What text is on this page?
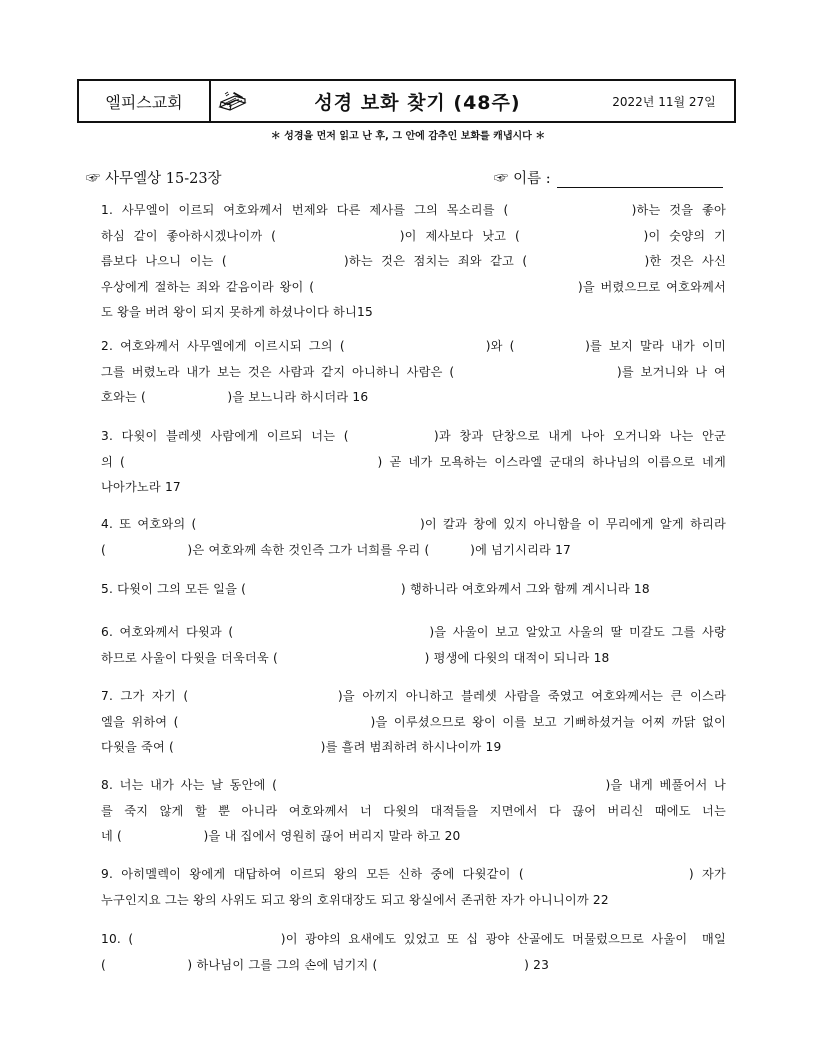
엘피스교회	성경 보화 찾기 (48주)	2022년 11월 27일
＊ 성경을 먼저 읽고 난 후, 그 안에 감추인 보화를 캐냅시다 ＊
☞ 사무엘상 15-23장	☞ 이름 :
1. 사무엘이 이르되 여호와께서 번제와 다른 제사를 그의 목소리를 (              )하는 것을 좋아
하심 같이 좋아하시겠나이까 (              )이 제사보다 낫고 (              )이 숫양의 기
름보다 나으니 이는 (              )하는 것은 점치는 죄와 같고 (              )한 것은 사신
우상에게 절하는 죄와 같음이라 왕이 (                                              )을 버렸으므로 여호와께서
도 왕을 버려 왕이 되지 못하게 하셨나이다 하니15
2. 여호와께서 사무엘에게 이르시되 그의 (                    )와 (          )를 보지 말라 내가 이미
그를 버렸노라 내가 보는 것은 사람과 같지 아니하니 사람은 (                        )를 보거니와 나 여
호와는 (                    )을 보느니라 하시더라 16
3. 다윗이 블레셋 사람에게 이르되 너는 (          )과 창과 단창으로 내게 나아 오거니와 나는 안군
의 (                                    ) 곧 네가 모욕하는 이스라엘 군대의 하나님의 이름으로 네게
나아가노라 17
4. 또 여호와의 (                                    )이 칼과 창에 있지 아니함을 이 무리에게 알게 하리라
(                    )은 여호와께 속한 것인즉 그가 너희를 우리 (          )에 넘기시리라 17
5. 다윗이 그의 모든 일을 (                                      ) 행하니라 여호와께서 그와 함께 계시니라 18
6. 여호와께서 다윗과 (                              )을 사울이 보고 알았고 사울의 딸 미갈도 그를 사랑
하므로 사울이 다윗을 더욱더욱 (                                    ) 평생에 다윗의 대적이 되니라 18
7. 그가 자기 (                    )을 아끼지 아니하고 블레셋 사람을 죽였고 여호와께서는 큰 이스라
엘을 위하여 (                              )을 이루셨으므로 왕이 이를 보고 기뻐하셨거늘 어찌 까닭 없이
다윗을 죽여 (                                    )를 흘려 범죄하려 하시나이까 19
8. 너는 내가 사는 날 동안에 (                                                  )을 내게 베풀어서 나
를 죽지 않게 할 뿐 아니라 여호와께서 너 다윗의 대적들을 지면에서 다 끊어 버리신 때에도 너는
네 (                    )을 내 집에서 영원히 끊어 버리지 말라 하고 20
9. 아히멜렉이 왕에게 대답하여 이르되 왕의 모든 신하 중에 다윗같이 (                    ) 자가
누구인지요 그는 왕의 사위도 되고 왕의 호위대장도 되고 왕실에서 존귀한 자가 아니니이까 22
10. (                    )이 광야의 요새에도 있었고 또 십 광야 산골에도 머물렀으므로 사울이  매일
(                    ) 하나님이 그를 그의 손에 넘기지 (                                    ) 23
